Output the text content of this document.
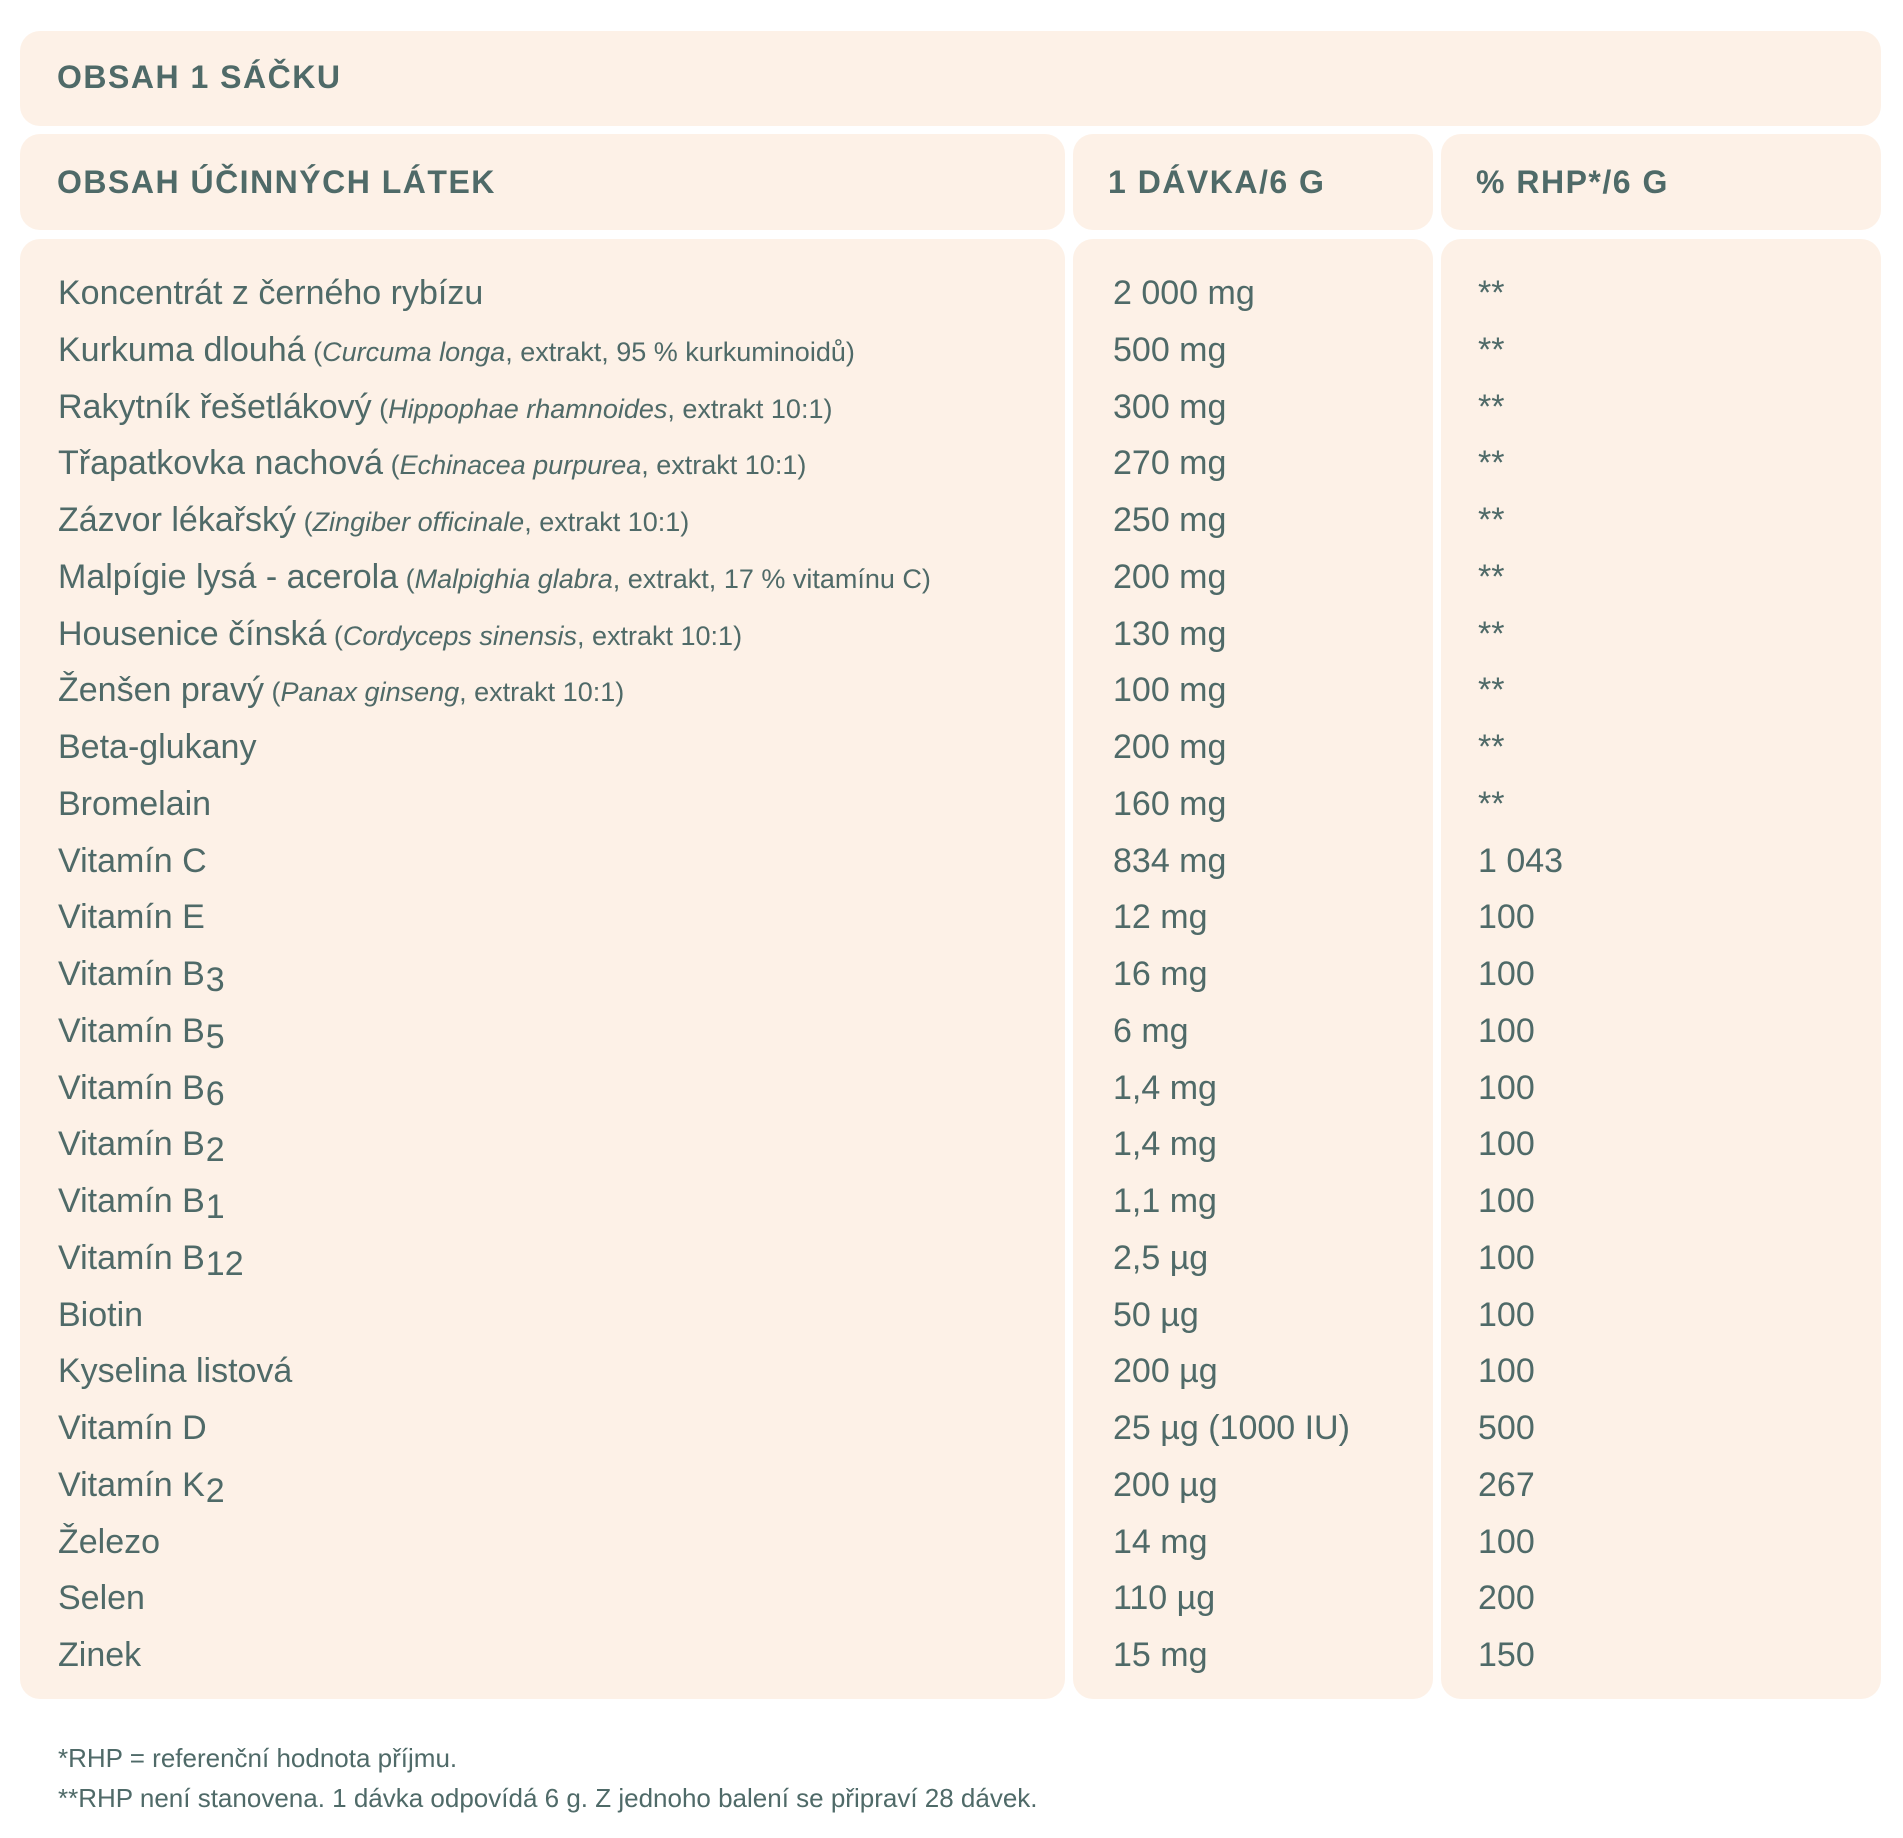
OBSAH 1 SÁČKU
OBSAH ÚČINNÝCH LÁTEK	1 DÁVKA/6 G	% RHP*/6 G
Koncentrát z černého rybízu	2 000 mg	**
Kurkuma dlouhá (Curcuma longa, extrakt, 95 % kurkuminoidů)	500 mg	**
Rakytník řešetlákový (Hippophae rhamnoides, extrakt 10:1)	300 mg	**
Třapatkovka nachová (Echinacea purpurea, extrakt 10:1)	270 mg	**
Zázvor lékařský (Zingiber officinale, extrakt 10:1)	250 mg	**
Malpígie lysá - acerola (Malpighia glabra, extrakt, 17 % vitamínu C)	200 mg	**
Housenice čínská (Cordyceps sinensis, extrakt 10:1)	130 mg	**
Ženšen pravý (Panax ginseng, extrakt 10:1)	100 mg	**
Beta-glukany	200 mg	**
Bromelain	160 mg	**
Vitamín C	834 mg	1 043
Vitamín E	12 mg	100
Vitamín B3	16 mg	100
Vitamín B5	6 mg	100
Vitamín B6	1,4 mg	100
Vitamín B2	1,4 mg	100
Vitamín B1	1,1 mg	100
Vitamín B12	2,5 µg	100
Biotin	50 µg	100
Kyselina listová	200 µg	100
Vitamín D	25 µg (1000 IU)	500
Vitamín K2	200 µg	267
Železo	14 mg	100
Selen	110 µg	200
Zinek	15 mg	150
*RHP = referenční hodnota příjmu.
**RHP není stanovena. 1 dávka odpovídá 6 g. Z jednoho balení se připraví 28 dávek.
